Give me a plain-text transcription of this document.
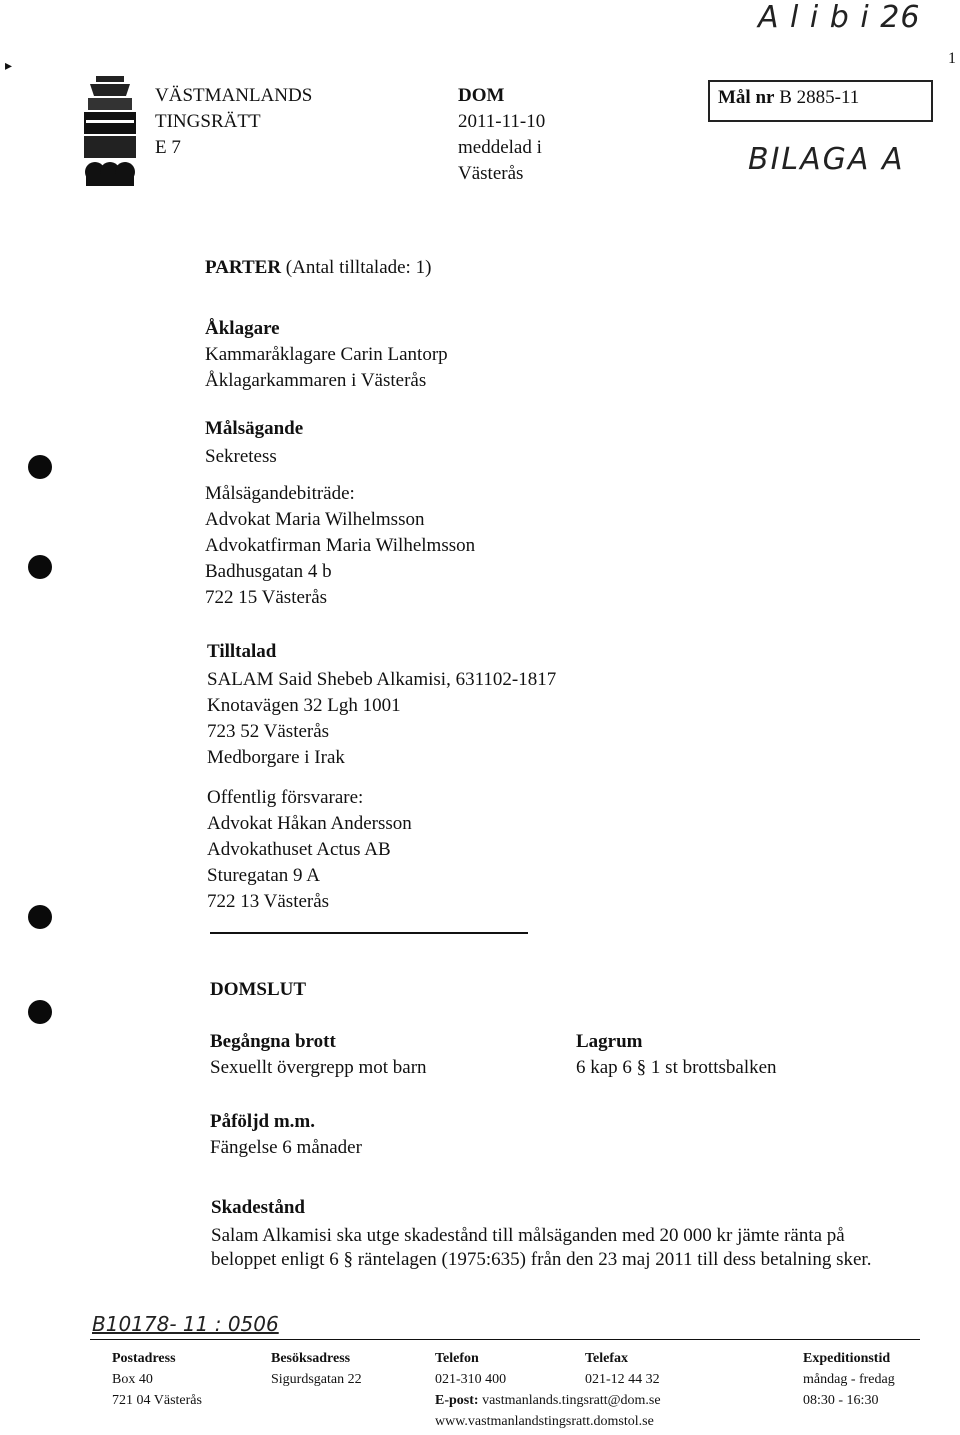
A l i b i 26
▸	1
VÄSTMANLANDS
TINGSRÄTT
E 7
DOM
2011-11-10
meddelad i
Västerås
Mål nr B 2885-11
BILAGA A
PARTER (Antal tilltalade: 1)
Åklagare
Kammaråklagare Carin Lantorp
Åklagarkammaren i Västerås
Målsägande
Sekretess
Målsägandebiträde:
Advokat Maria Wilhelmsson
Advokatfirman Maria Wilhelmsson
Badhusgatan 4 b
722 15 Västerås
Tilltalad
SALAM Said Shebeb Alkamisi, 631102-1817
Knotavägen 32 Lgh 1001
723 52 Västerås
Medborgare i Irak
Offentlig försvarare:
Advokat Håkan Andersson
Advokathuset Actus AB
Sturegatan 9 A
722 13 Västerås
DOMSLUT
Begångna brott
Sexuellt övergrepp mot barn
Lagrum
6 kap 6 § 1 st brottsbalken
Påföljd m.m.
Fängelse 6 månader
Skadestånd
Salam Alkamisi ska utge skadestånd till målsäganden med 20 000 kr jämte ränta på
beloppet enligt 6 § räntelagen (1975:635) från den 23 maj 2011 till dess betalning sker.
B10178- 11 : 0506
Postadress
Box 40
721 04 Västerås
Besöksadress
Sigurdsgatan 22
Telefon
021-310 400
E-post: vastmanlands.tingsratt@dom.se
www.vastmanlandstingsratt.domstol.se
Telefax
021-12 44 32
Expeditionstid
måndag - fredag
08:30 - 16:30
